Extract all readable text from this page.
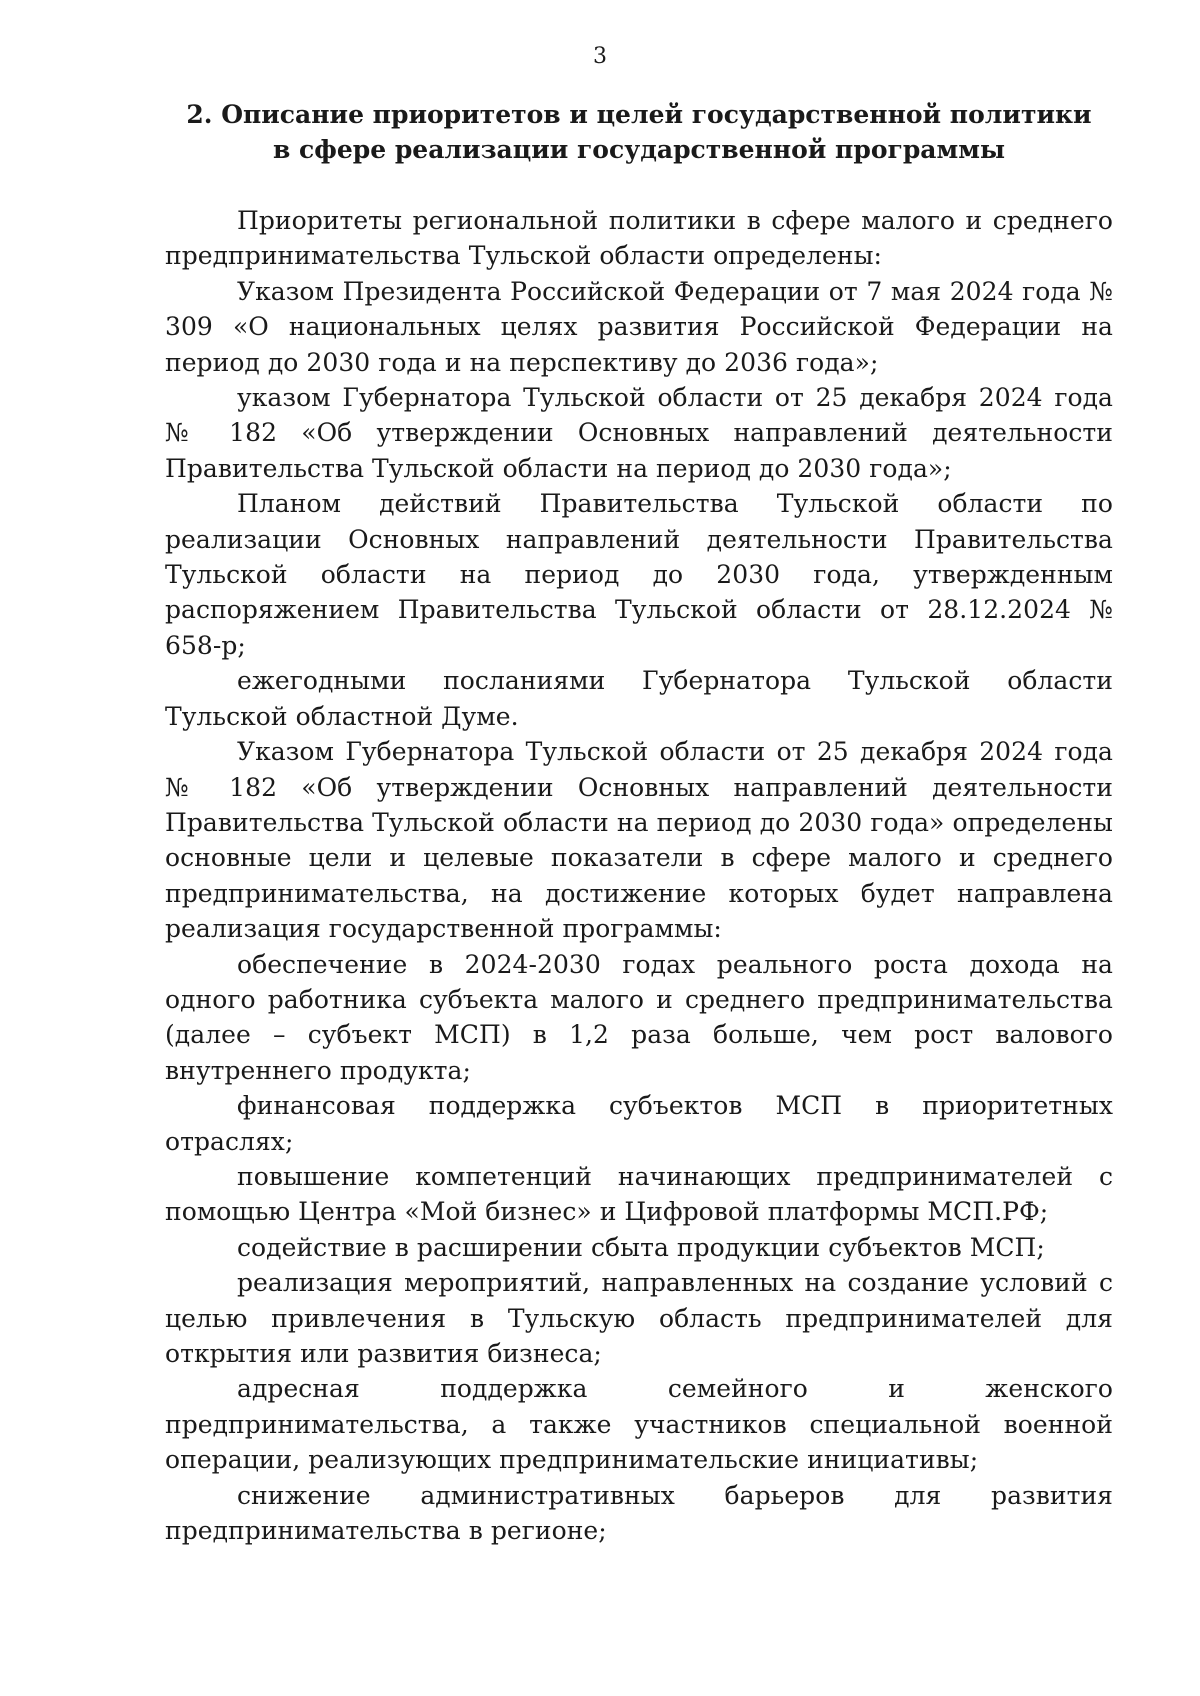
3
2. Описание приоритетов и целей государственной политики
в сфере реализации государственной программы

Приоритеты региональной политики в сфере малого и среднего предпринимательства Тульской области определены:

Указом Президента Российской Федерации от 7 мая 2024 года № 309 «О национальных целях развития Российской Федерации на период до 2030 года и на перспективу до 2036 года»;

указом Губернатора Тульской области от 25 декабря 2024 года № 182 «Об утверждении Основных направлений деятельности Правительства Тульской области на период до 2030 года»;

Планом действий Правительства Тульской области по реализации Основных направлений деятельности Правительства Тульской области на период до 2030 года, утвержденным распоряжением Правительства Тульской области от 28.12.2024 № 658-р;

ежегодными посланиями Губернатора Тульской области Тульской областной Думе.

Указом Губернатора Тульской области от 25 декабря 2024 года № 182 «Об утверждении Основных направлений деятельности Правительства Тульской области на период до 2030 года» определены основные цели и целевые показатели в сфере малого и среднего предпринимательства, на достижение которых будет направлена реализация государственной программы:

обеспечение в 2024-2030 годах реального роста дохода на одного работника субъекта малого и среднего предпринимательства (далее – субъект МСП) в 1,2 раза больше, чем рост валового внутреннего продукта;

финансовая поддержка субъектов МСП в приоритетных отраслях;

повышение компетенций начинающих предпринимателей с помощью Центра «Мой бизнес» и Цифровой платформы МСП.РФ;

содействие в расширении сбыта продукции субъектов МСП;

реализация мероприятий, направленных на создание условий с целью привлечения в Тульскую область предпринимателей для открытия или развития бизнеса;

адресная поддержка семейного и женского предпринимательства, а также участников специальной военной операции, реализующих предпринимательские инициативы;

снижение административных барьеров для развития предпринимательства в регионе;
